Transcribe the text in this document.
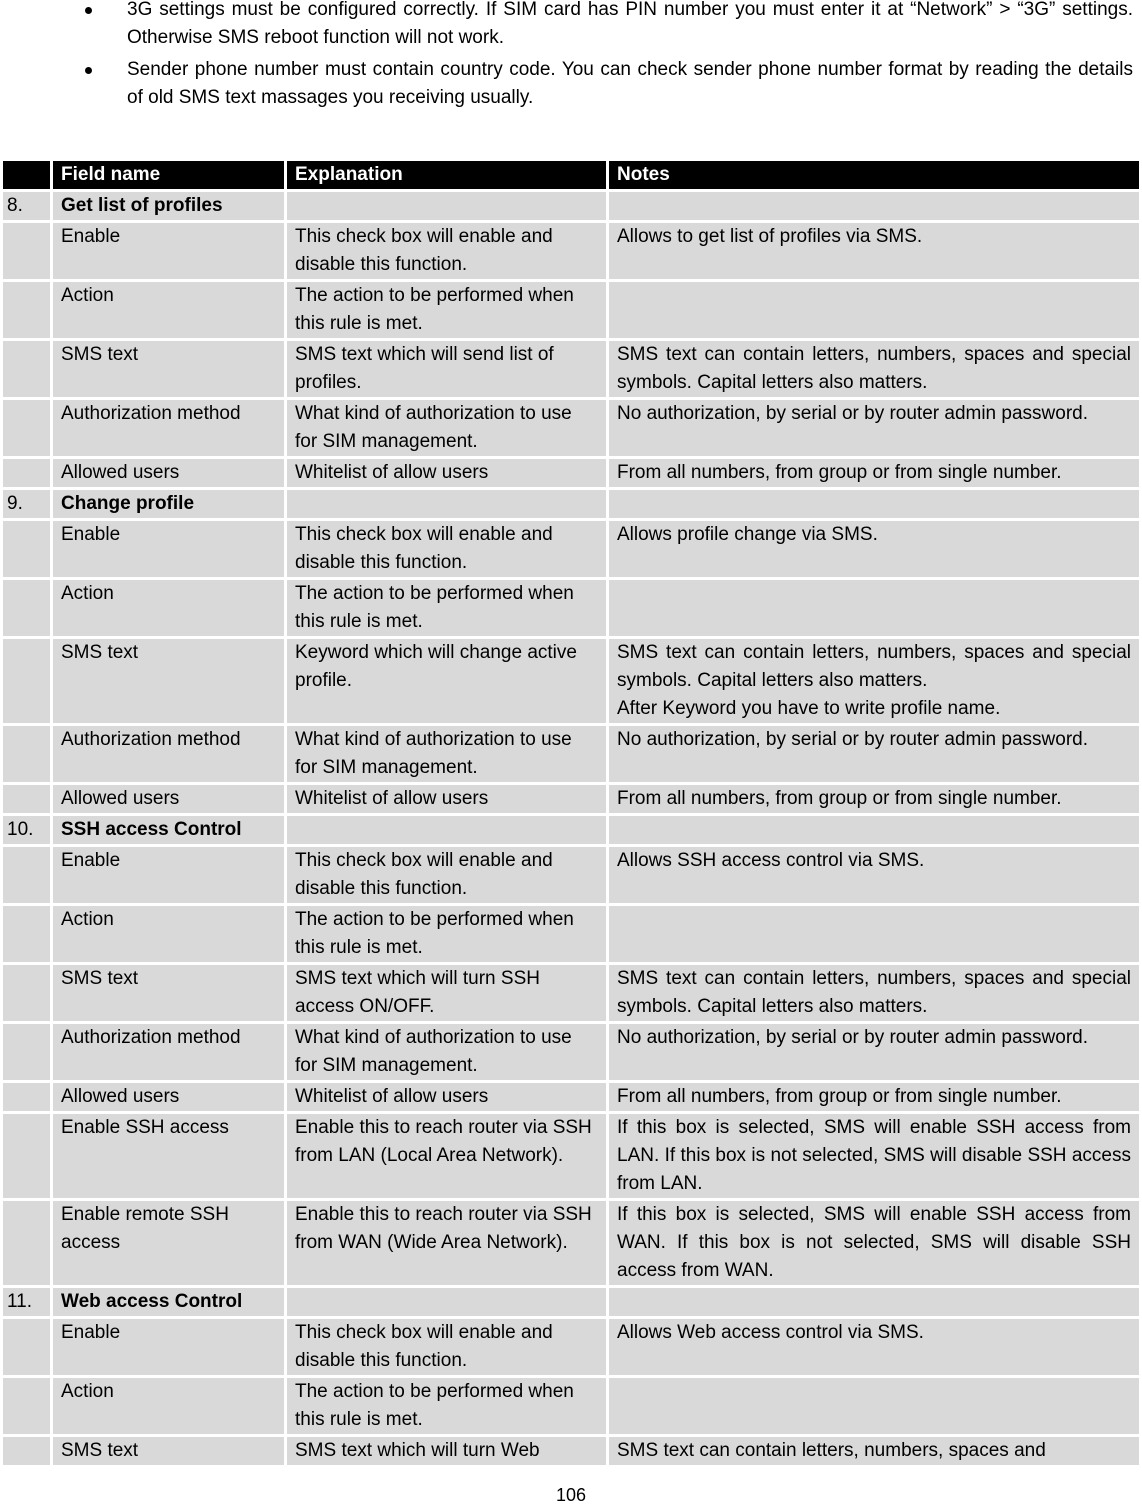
3G settings must be configured correctly. If SIM card has PIN number you must enter it at “Network” > “3G” settings. Otherwise SMS reboot function will not work.
Sender phone number must contain country code. You can check sender phone number format by reading the details of old SMS text massages you receiving usually.
	Field name	Explanation	Notes
8.	Get list of profiles		
	Enable	This check box will enable and disable this function.	Allows to get list of profiles via SMS.
	Action	The action to be performed when this rule is met.	
	SMS text	SMS text which will send list of profiles.	SMS text can contain letters, numbers, spaces and special symbols. Capital letters also matters.
	Authorization method	What kind of authorization to use for SIM management.	No authorization, by serial or by router admin password.
	Allowed users	Whitelist of allow users	From all numbers, from group or from single number.
9.	Change profile		
	Enable	This check box will enable and disable this function.	Allows profile change via SMS.
	Action	The action to be performed when this rule is met.	
	SMS text	Keyword which will change active profile.	SMS text can contain letters, numbers, spaces and special symbols. Capital letters also matters.
After Keyword you have to write profile name.

	Authorization method	What kind of authorization to use for SIM management.	No authorization, by serial or by router admin password.
	Allowed users	Whitelist of allow users	From all numbers, from group or from single number.
10.	SSH access Control		
	Enable	This check box will enable and disable this function.	Allows SSH access control via SMS.
	Action	The action to be performed when this rule is met.	
	SMS text	SMS text which will turn SSH access ON/OFF.	SMS text can contain letters, numbers, spaces and special symbols. Capital letters also matters.
	Authorization method	What kind of authorization to use for SIM management.	No authorization, by serial or by router admin password.
	Allowed users	Whitelist of allow users	From all numbers, from group or from single number.
	Enable SSH access	Enable this to reach router via SSH from LAN (Local Area Network).	If this box is selected, SMS will enable SSH access from LAN. If this box is not selected, SMS will disable SSH access from LAN.
	Enable remote SSH access	Enable this to reach router via SSH from WAN (Wide Area Network).	If this box is selected, SMS will enable SSH access from WAN. If this box is not selected, SMS will disable SSH access from WAN.
11.	Web access Control		
	Enable	This check box will enable and disable this function.	Allows Web access control via SMS.
	Action	The action to be performed when this rule is met.	
	SMS text	SMS text which will turn Web	SMS text can contain letters, numbers, spaces and
106
